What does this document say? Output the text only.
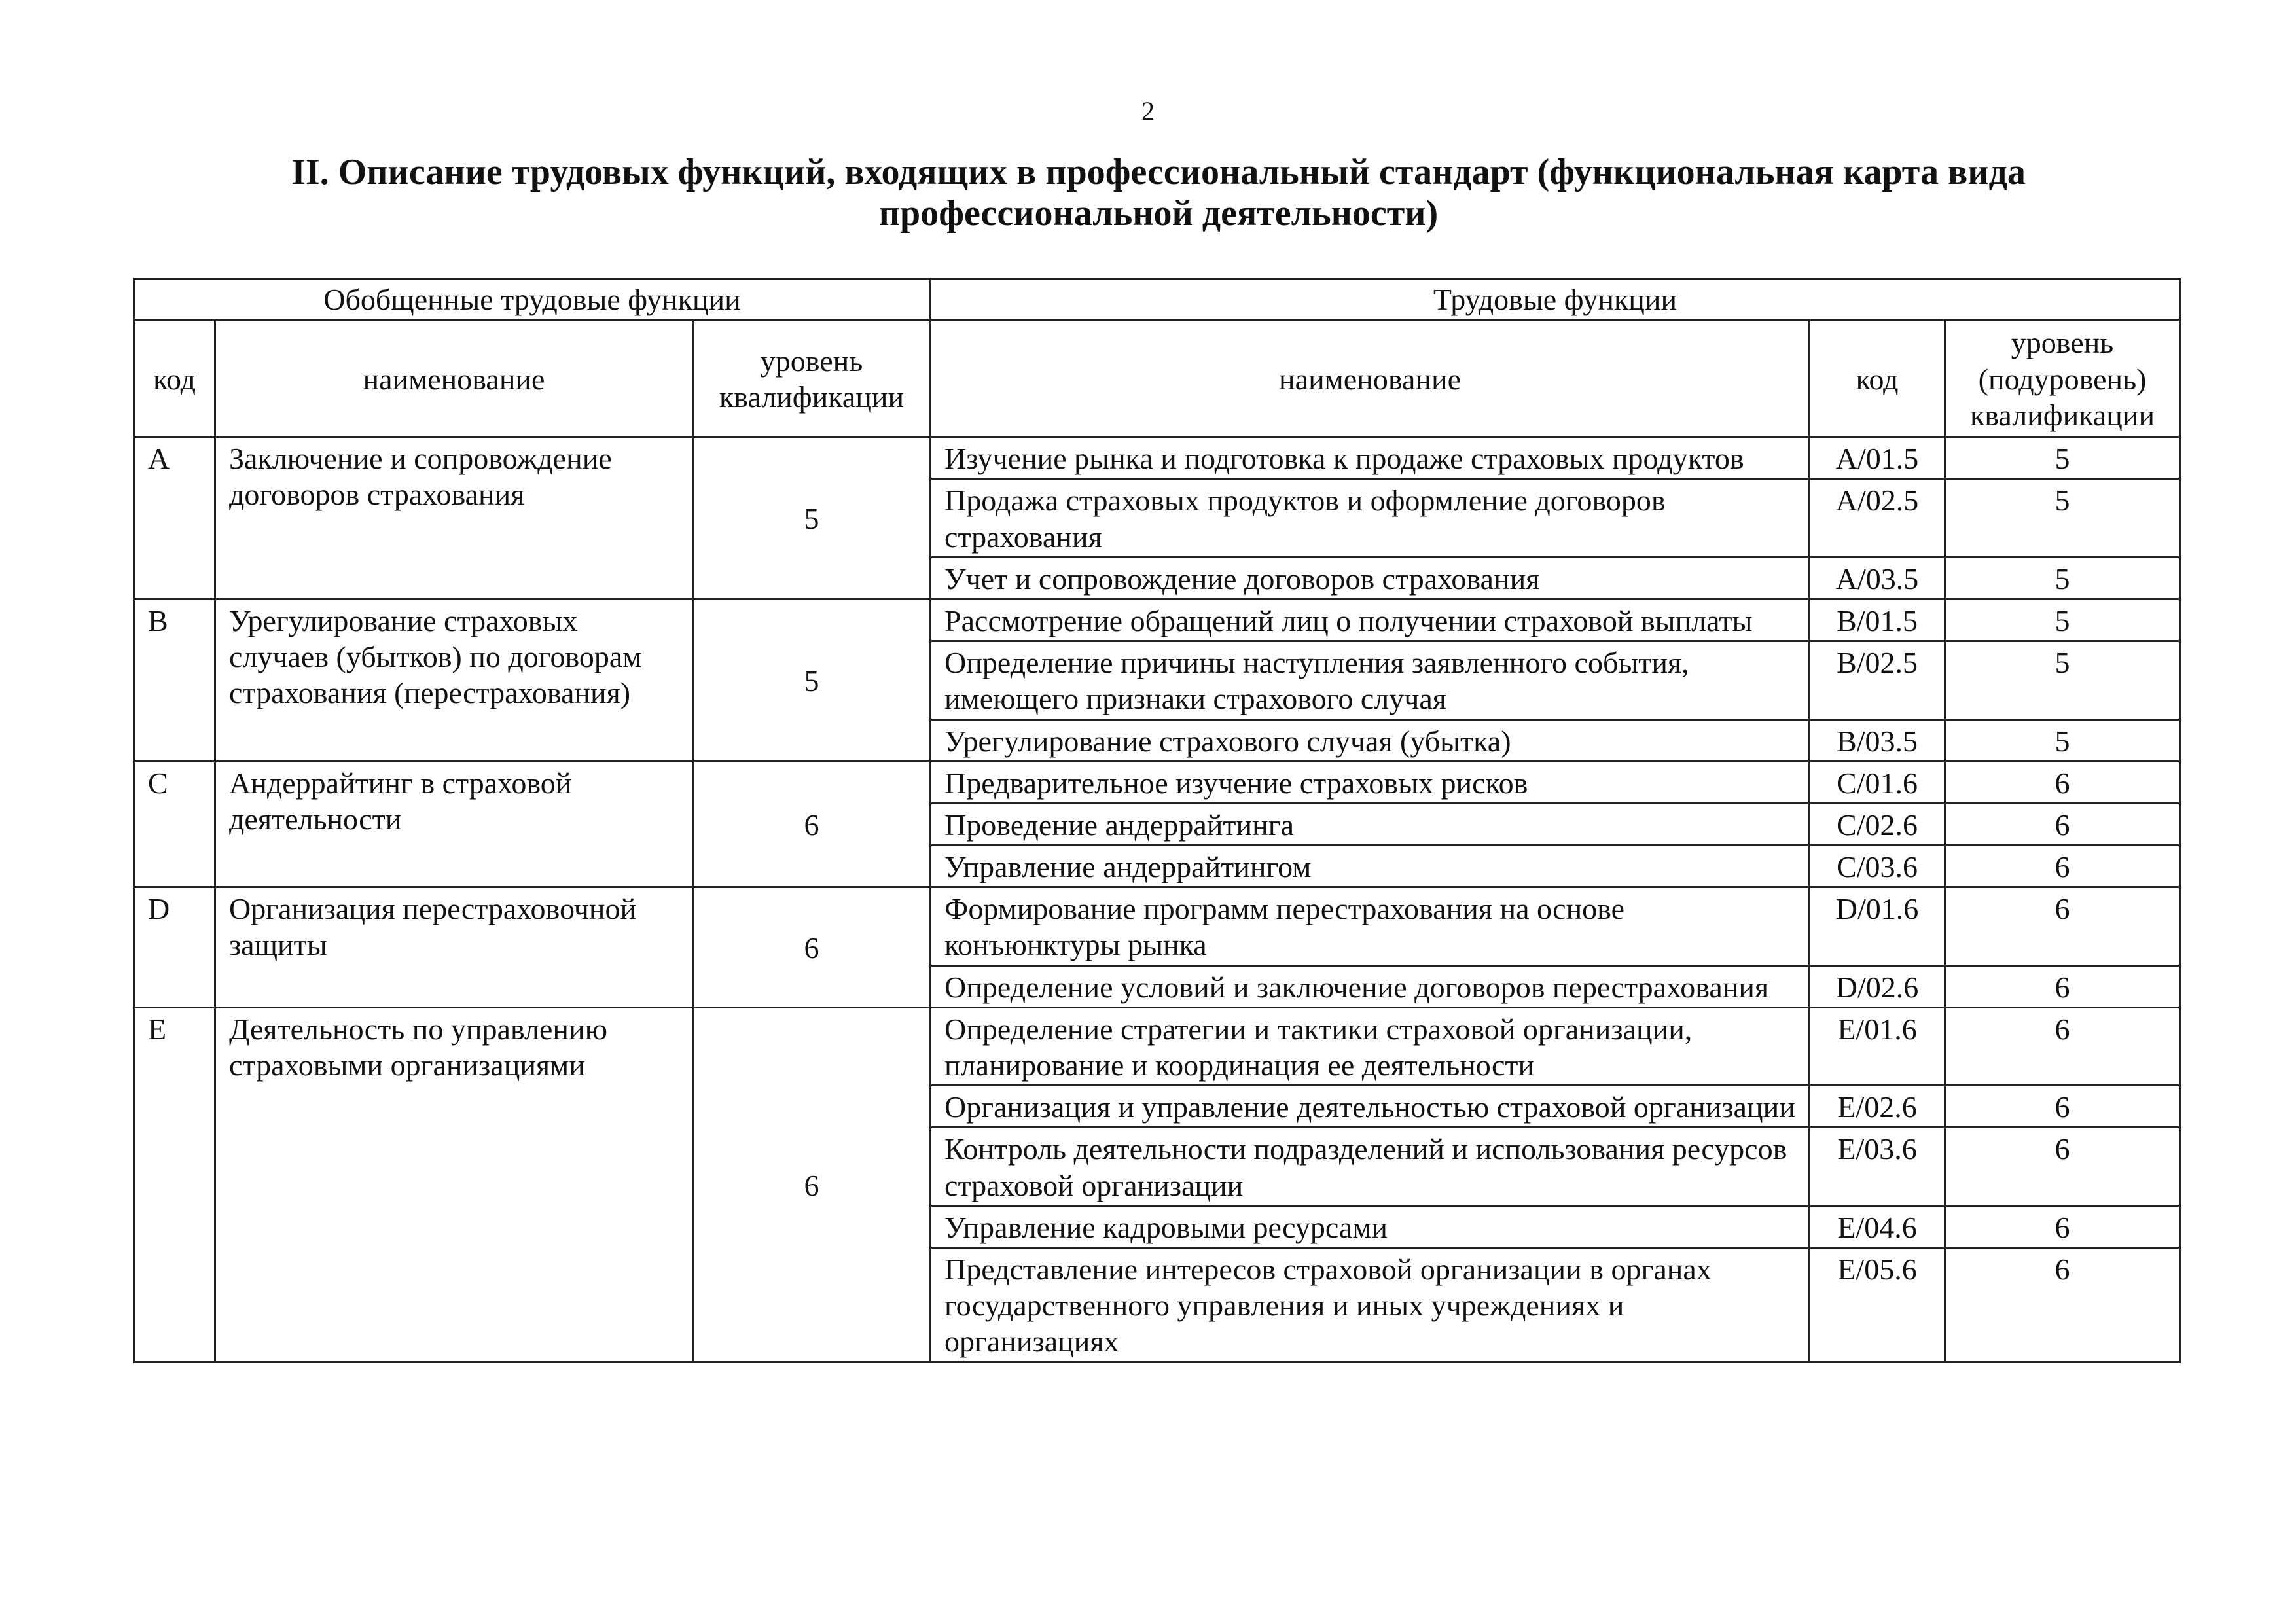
2
II. Описание трудовых функций, входящих в профессиональный стандарт (функциональная карта вида профессиональной деятельности)
Обобщенные трудовые функции			Трудовые функции		
код	наименование	уровень квалификации	наименование	код	уровень (подуровень) квалификации
A	Заключение и сопровождение договоров страхования	5	Изучение рынка и подготовка к продаже страховых продуктов	A/01.5	5
			Продажа страховых продуктов и оформление договоров страхования	A/02.5	5
			Учет и сопровождение договоров страхования	A/03.5	5
B	Урегулирование страховых случаев (убытков) по договорам страхования (перестрахования)	5	Рассмотрение обращений лиц о получении страховой выплаты	B/01.5	5
			Определение причины наступления заявленного события, имеющего признаки страхового случая	B/02.5	5
			Урегулирование страхового случая (убытка)	B/03.5	5
C	Андеррайтинг в страховой деятельности	6	Предварительное изучение страховых рисков	C/01.6	6
			Проведение андеррайтинга	C/02.6	6
			Управление андеррайтингом	C/03.6	6
D	Организация перестраховочной защиты	6	Формирование программ перестрахования на основе конъюнктуры рынка	D/01.6	6
			Определение условий и заключение договоров перестрахования	D/02.6	6
E	Деятельность по управлению страховыми организациями	6	Определение стратегии и тактики страховой организации, планирование и координация ее деятельности	E/01.6	6
			Организация и управление деятельностью страховой организации	E/02.6	6
			Контроль деятельности подразделений и использования ресурсов страховой организации	E/03.6	6
			Управление кадровыми ресурсами	E/04.6	6
			Представление интересов страховой организации в органах государственного управления и иных учреждениях и организациях	E/05.6	6
